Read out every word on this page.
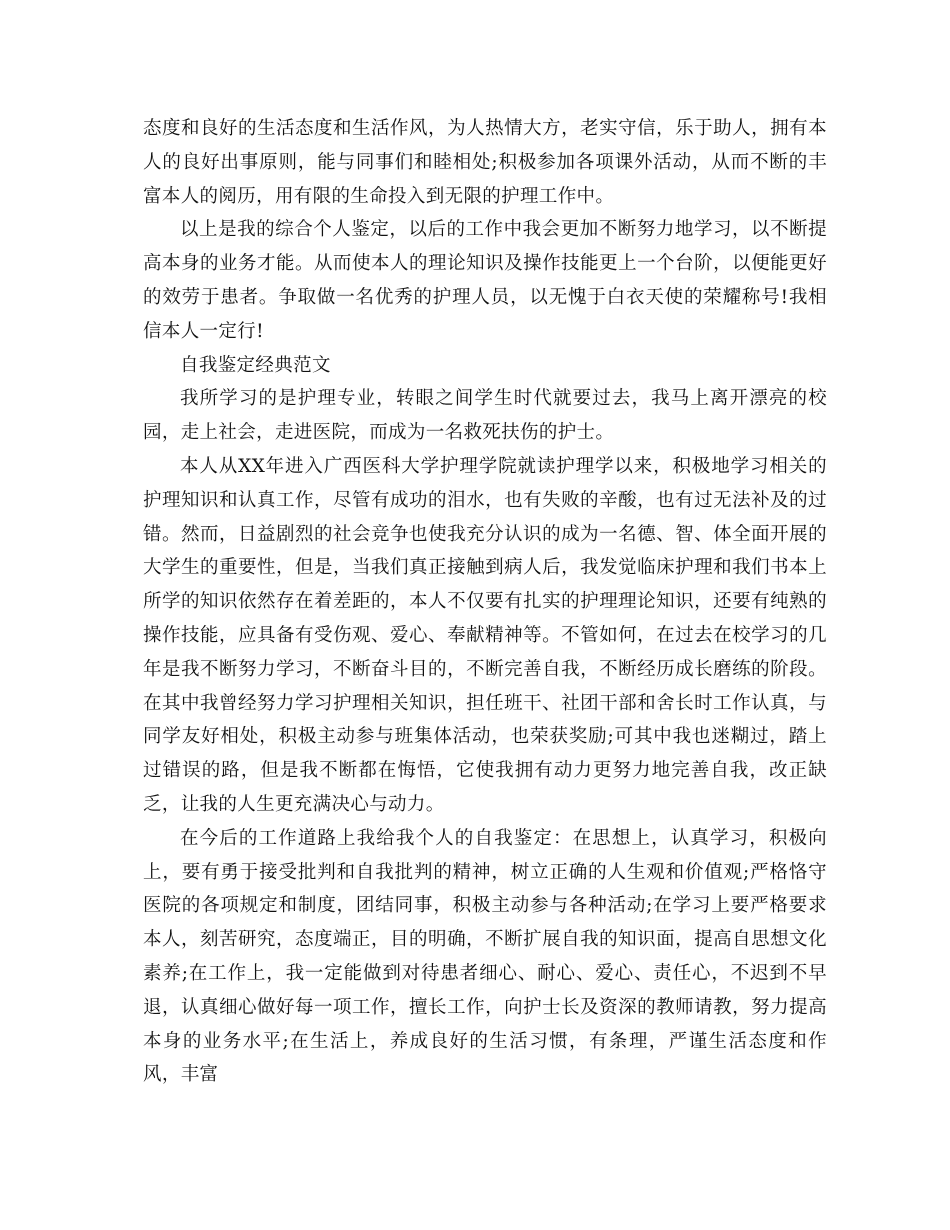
态度和良好的生活态度和生活作风，为人热情大方，老实守信，乐于助人，拥有本人的良好出事原则，能与同事们和睦相处;积极参加各项课外活动，从而不断的丰富本人的阅历，用有限的生命投入到无限的护理工作中。

以上是我的综合个人鉴定，以后的工作中我会更加不断努力地学习，以不断提高本身的业务才能。从而使本人的理论知识及操作技能更上一个台阶，以便能更好的效劳于患者。争取做一名优秀的护理人员，以无愧于白衣天使的荣耀称号!我相信本人一定行!

自我鉴定经典范文

我所学习的是护理专业，转眼之间学生时代就要过去，我马上离开漂亮的校园，走上社会，走进医院，而成为一名救死扶伤的护士。

本人从XX年进入广西医科大学护理学院就读护理学以来，积极地学习相关的护理知识和认真工作，尽管有成功的泪水，也有失败的辛酸，也有过无法补及的过错。然而，日益剧烈的社会竞争也使我充分认识的成为一名德、智、体全面开展的大学生的重要性，但是，当我们真正接触到病人后，我发觉临床护理和我们书本上所学的知识依然存在着差距的，本人不仅要有扎实的护理理论知识，还要有纯熟的操作技能，应具备有受伤观、爱心、奉献精神等。不管如何，在过去在校学习的几年是我不断努力学习，不断奋斗目的，不断完善自我，不断经历成长磨练的阶段。在其中我曾经努力学习护理相关知识，担任班干、社团干部和舍长时工作认真，与同学友好相处，积极主动参与班集体活动，也荣获奖励;可其中我也迷糊过，踏上过错误的路，但是我不断都在悔悟，它使我拥有动力更努力地完善自我，改正缺乏，让我的人生更充满决心与动力。

在今后的工作道路上我给我个人的自我鉴定：在思想上，认真学习，积极向上，要有勇于接受批判和自我批判的精神，树立正确的人生观和价值观;严格恪守医院的各项规定和制度，团结同事，积极主动参与各种活动;在学习上要严格要求本人，刻苦研究，态度端正，目的明确，不断扩展自我的知识面，提高自思想文化素养;在工作上，我一定能做到对待患者细心、耐心、爱心、责任心，不迟到不早退，认真细心做好每一项工作，擅长工作，向护士长及资深的教师请教，努力提高本身的业务水平;在生活上，养成良好的生活习惯，有条理，严谨生活态度和作风，丰富
